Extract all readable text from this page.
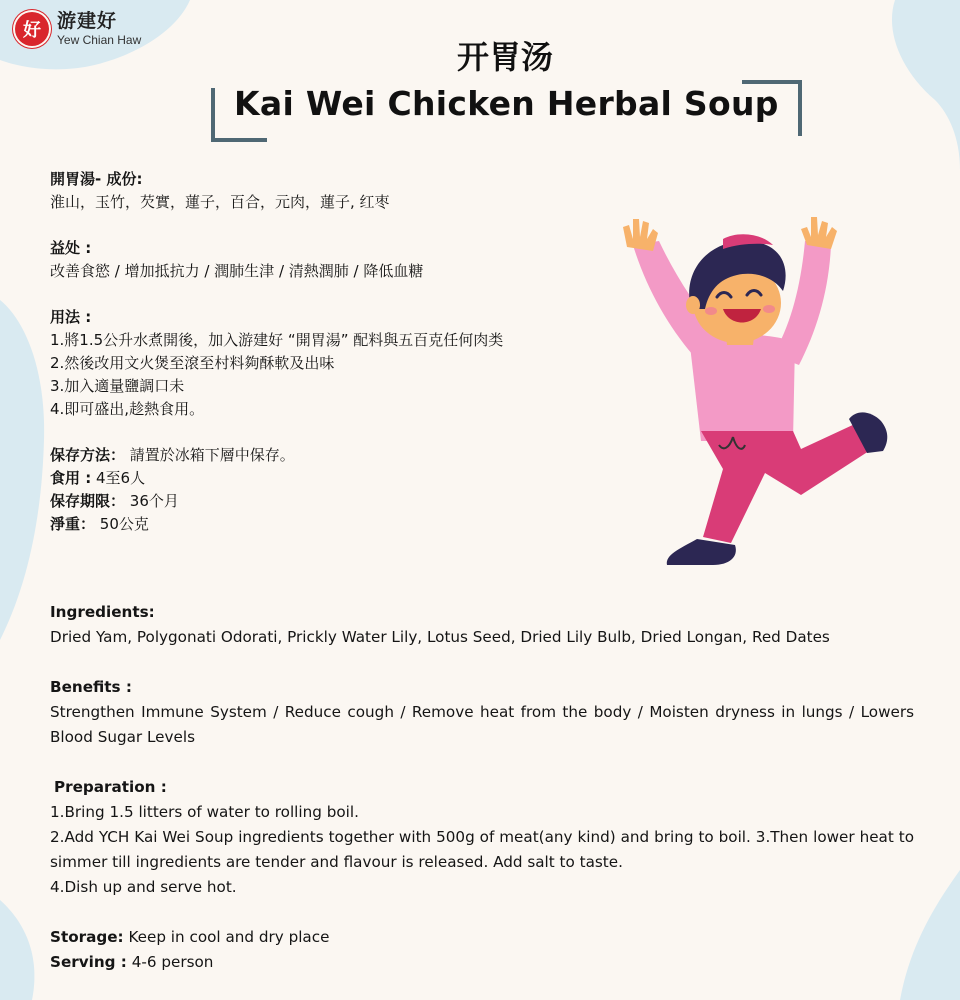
好 游建好
Yew Chian Haw	开胃汤
Kai Wei Chicken Herbal Soup

開胃湯- 成份:

淮山，玉竹，芡實，蓮子，百合，元肉，蓮子, 红枣

益处 :

改善食慾 / 增加抵抗力 / 潤肺生津 / 清熱潤肺 / 降低血糖

用法 :

1.將1.5公升水煮開後，加入游建好 “開胃湯” 配料與五百克任何肉类

2.然後改用文火煲至滾至村料夠酥軟及出味

3.加入適量鹽調口未

4.即可盛出,趁熱食用。

保存方法： 請置於冰箱下層中保存。

食用 : 4至6人

保存期限： 36个月

淨重： 50公克

Ingredients:

Dried Yam, Polygonati Odorati, Prickly Water Lily, Lotus Seed, Dried Lily Bulb, Dried Longan, Red Dates

Benefits :

Strengthen Immune System / Reduce cough / Remove heat from the body / Moisten dryness in lungs / Lowers Blood Sugar Levels

Preparation :

1.Bring 1.5 litters of water to rolling boil.

2.Add YCH Kai Wei Soup ingredients together with 500g of meat(any kind) and bring to boil. 3.Then lower heat to simmer till ingredients are tender and flavour is released. Add salt to taste.

4.Dish up and serve hot.

Storage: Keep in cool and dry place

Serving : 4-6 person
